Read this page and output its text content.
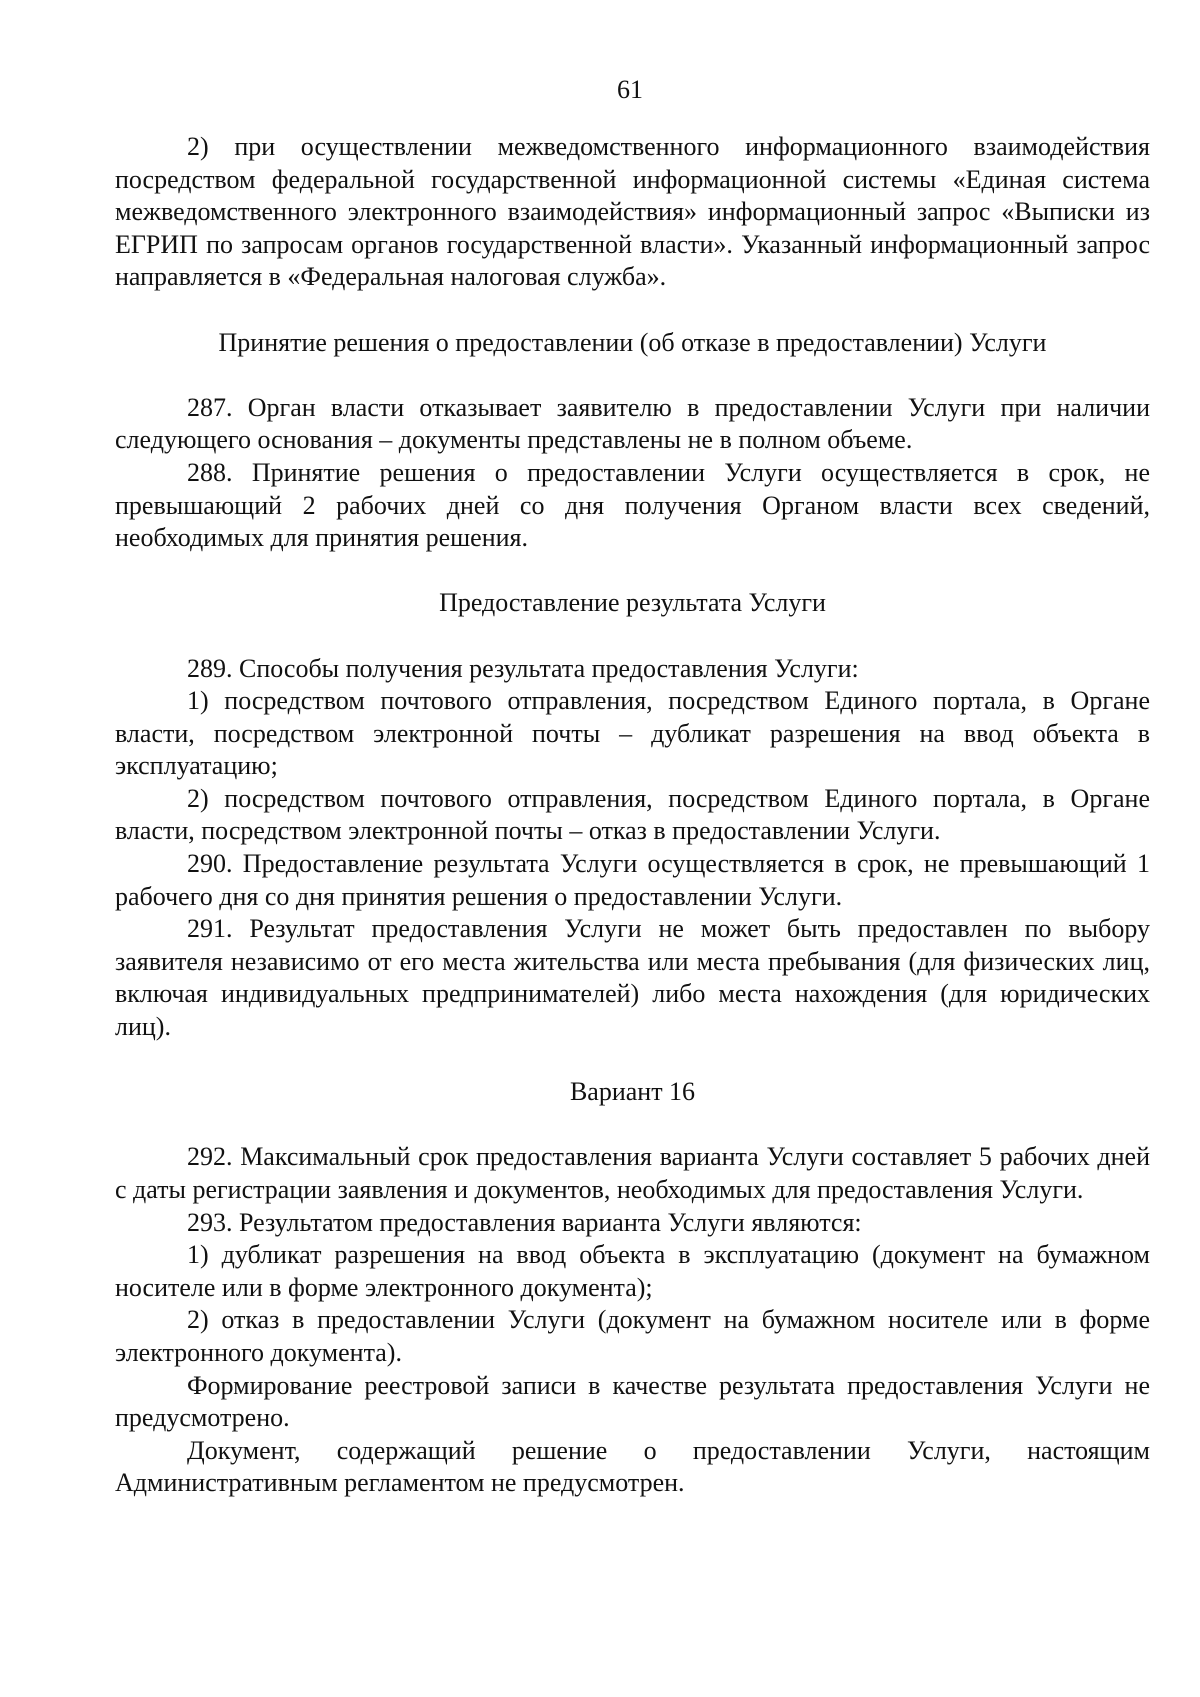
61

2) при осуществлении межведомственного информационного взаимодействия посредством федеральной государственной информационной системы «Единая система межведомственного электронного взаимодействия» информационный запрос «Выписки из ЕГРИП по запросам органов государственной власти». Указанный информационный запрос направляется в «Федеральная налоговая служба».

Принятие решения о предоставлении (об отказе в предоставлении) Услуги

287. Орган власти отказывает заявителю в предоставлении Услуги при наличии следующего основания – документы представлены не в полном объеме.

288. Принятие решения о предоставлении Услуги осуществляется в срок, не превышающий 2 рабочих дней со дня получения Органом власти всех сведений, необходимых для принятия решения.

Предоставление результата Услуги

289. Способы получения результата предоставления Услуги:

1) посредством почтового отправления, посредством Единого портала, в Органе власти, посредством электронной почты – дубликат разрешения на ввод объекта в эксплуатацию;

2) посредством почтового отправления, посредством Единого портала, в Органе власти, посредством электронной почты – отказ в предоставлении Услуги.

290. Предоставление результата Услуги осуществляется в срок, не превышающий 1 рабочего дня со дня принятия решения о предоставлении Услуги.

291. Результат предоставления Услуги не может быть предоставлен по выбору заявителя независимо от его места жительства или места пребывания (для физических лиц, включая индивидуальных предпринимателей) либо места нахождения (для юридических лиц).

Вариант 16

292. Максимальный срок предоставления варианта Услуги составляет 5 рабочих дней с даты регистрации заявления и документов, необходимых для предоставления Услуги.

293. Результатом предоставления варианта Услуги являются:

1) дубликат разрешения на ввод объекта в эксплуатацию (документ на бумажном носителе или в форме электронного документа);

2) отказ в предоставлении Услуги (документ на бумажном носителе или в форме электронного документа).

Формирование реестровой записи в качестве результата предоставления Услуги не предусмотрено.

Документ, содержащий решение о предоставлении Услуги, настоящим Административным регламентом не предусмотрен.
